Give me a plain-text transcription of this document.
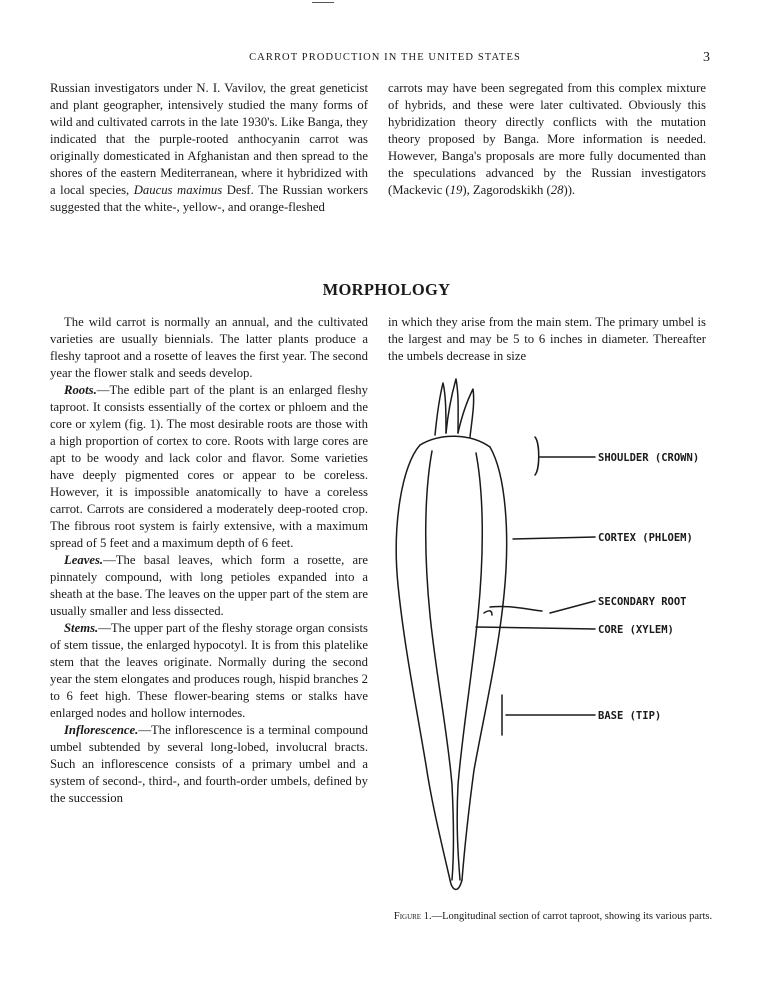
CARROT PRODUCTION IN THE UNITED STATES	3

Russian investigators under N. I. Vavilov, the great geneticist and plant geographer, intensively studied the many forms of wild and cultivated carrots in the late 1930's. Like Banga, they indicated that the purple-rooted anthocyanin carrot was originally domesticated in Afghanistan and then spread to the shores of the eastern Mediterranean, where it hybridized with a local species, Daucus maximus Desf. The Russian workers suggested that the white-, yellow-, and orange-fleshed

carrots may have been segregated from this complex mixture of hybrids, and these were later cultivated. Obviously this hybridization theory directly conflicts with the mutation theory proposed by Banga. More information is needed. However, Banga's proposals are more fully documented than the speculations advanced by the Russian investigators (Mackevic (19), Zagorodskikh (28)).

MORPHOLOGY

The wild carrot is normally an annual, and the cultivated varieties are usually biennials. The latter plants produce a fleshy taproot and a rosette of leaves the first year. The second year the flower stalk and seeds develop.

Roots.—The edible part of the plant is an enlarged fleshy taproot. It consists essentially of the cortex or phloem and the core or xylem (fig. 1). The most desirable roots are those with a high proportion of cortex to core. Roots with large cores are apt to be woody and lack color and flavor. Some varieties have deeply pigmented cores or appear to be coreless. However, it is impossible anatomically to have a coreless carrot. Carrots are considered a moderately deep-rooted crop. The fibrous root system is fairly extensive, with a maximum spread of 5 feet and a maximum depth of 6 feet.

Leaves.—The basal leaves, which form a rosette, are pinnately compound, with long petioles expanded into a sheath at the base. The leaves on the upper part of the stem are usually smaller and less dissected.

Stems.—The upper part of the fleshy storage organ consists of stem tissue, the enlarged hypocotyl. It is from this platelike stem that the leaves originate. Normally during the second year the stem elongates and produces rough, hispid branches 2 to 6 feet high. These flower-bearing stems or stalks have enlarged nodes and hollow internodes.

Inflorescence.—The inflorescence is a terminal compound umbel subtended by several long-lobed, involucral bracts. Such an inflorescence consists of a primary umbel and a system of second-, third-, and fourth-order umbels, defined by the succession

in which they arise from the main stem. The primary umbel is the largest and may be 5 to 6 inches in diameter. Thereafter the umbels decrease in size

SHOULDER (CROWN)
CORTEX (PHLOEM)
SECONDARY ROOT
CORE (XYLEM)
BASE (TIP)
Figure 1.—Longitudinal section of carrot taproot, showing its various parts.
